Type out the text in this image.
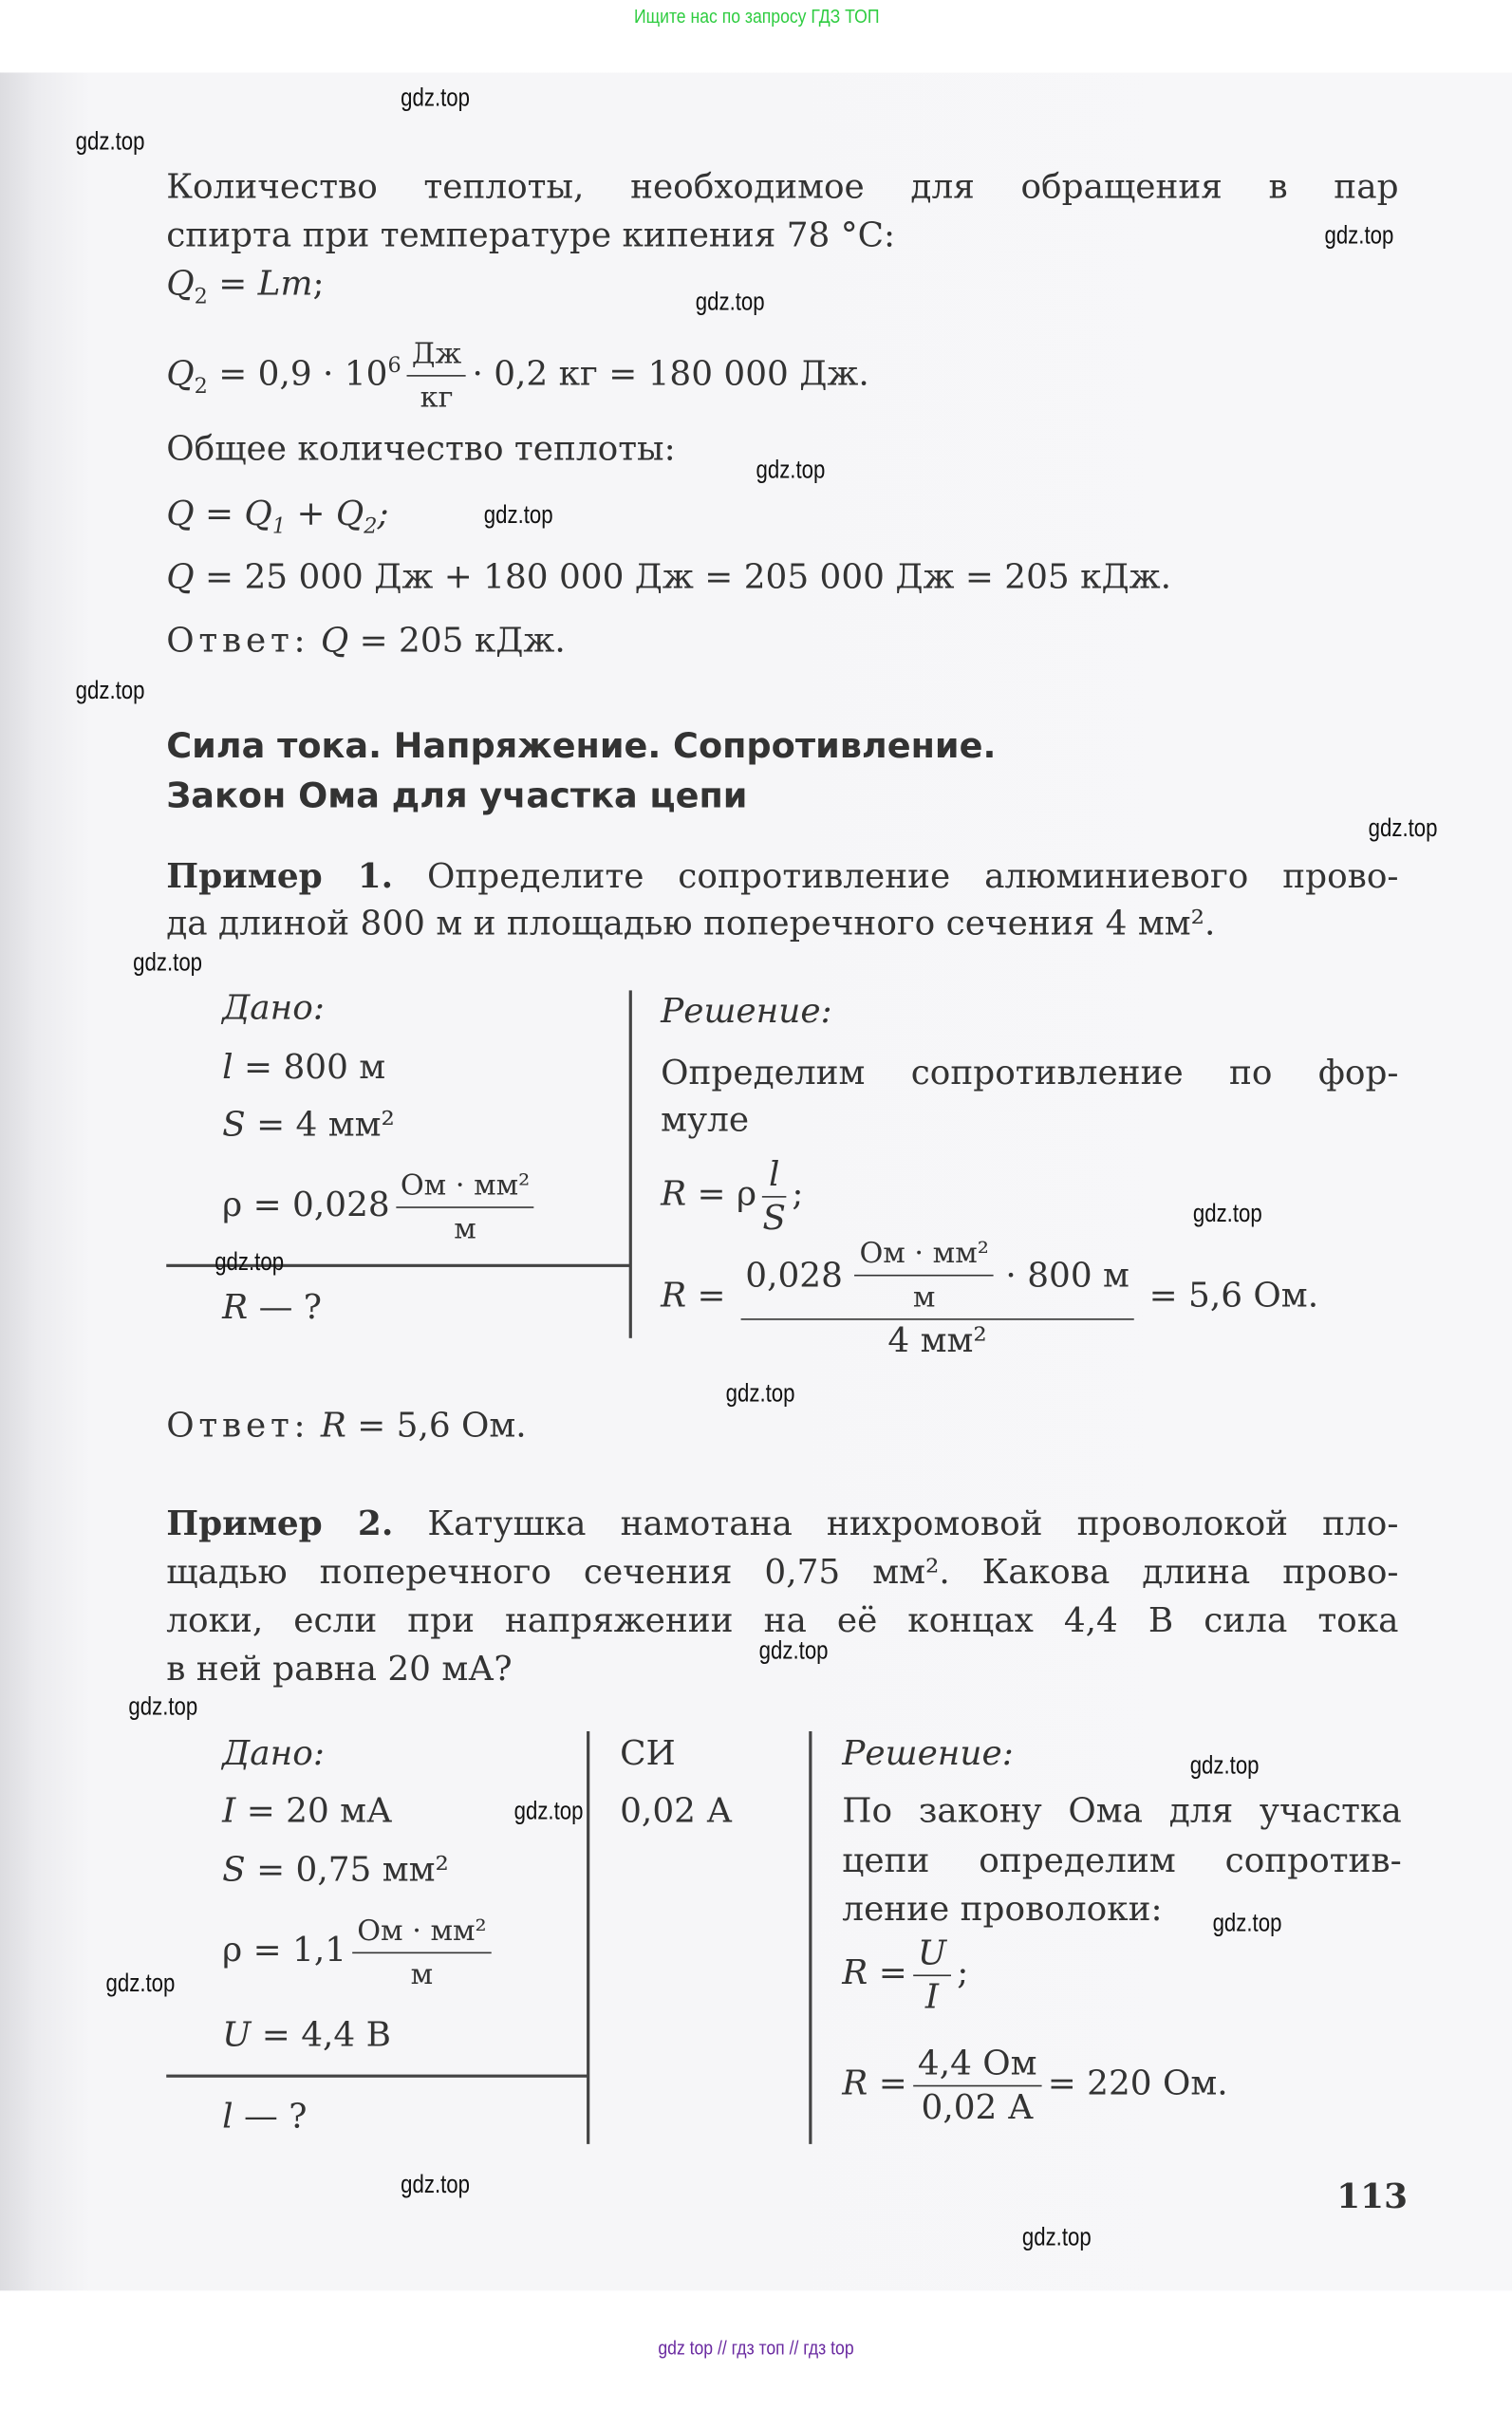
Ищите нас по запросу ГДЗ ТОП
Количество теплоты, необходимое для обращения в пар
спирта при температуре кипения 78 °C:
$Q_2 = Lm$;
$Q_2 = 0,9 \cdot 10^6 \frac{Дж}{кг} \cdot 0,2$ кг = 180 000 Дж.
Общее количество теплоты:
$Q = Q_1 + Q_2$;
Q = 25 000 Дж + 180 000 Дж = 205 000 Дж = 205 кДж.
Ответ: Q = 205 кДж.
Сила тока. Напряжение. Сопротивление.
Закон Ома для участка цепи
Пример 1. Определите сопротивление алюминиевого прово-
да длиной 800 м и площадью поперечного сечения 4 мм².
Дано:
l = 800 м
S = 4 мм²
$\rho = 0,028 \frac{\text{Ом · мм²}}{м}$
R — ?
Решение:
Определим сопротивление по фор-
муле
R = ρ $\frac{l}{S}$ ;
$R = \frac{0,028 \frac{\text{Ом · мм²}}{м} \cdot 800 м}{\text{4 мм²}} = 5,6$ Ом.
Ответ: R = 5,6 Ом.
Пример 2. Катушка намотана нихромовой проволокой пло-
щадью поперечного сечения 0,75 мм². Какова длина прово-
локи, если при напряжении на её концах 4,4 В сила тока
в ней равна 20 мА?
Дано:	СИ
I = 20 мА	0,02 А
S = 0,75 мм²
$\rho = 1,1 \frac{\text{Ом · мм²}}{м}$
U = 4,4 В
l — ?
Решение:
По закону Ома для участка
цепи определим сопротив-
ление проволоки:
$R = \frac{U}{I}$ ;
$R = \frac{4,4 Ом}{0,02 А} = 220$ Ом.
113
gdz.top
gdz.top
gdz.top
gdz.top
gdz.top
gdz.top
gdz.top
gdz.top
gdz.top
gdz.top
gdz.top
gdz.top
gdz.top
gdz.top
gdz.top
gdz.top
gdz.top
gdz.top
gdz.top
gdz.top
gdz top // гдз топ // гдз top
